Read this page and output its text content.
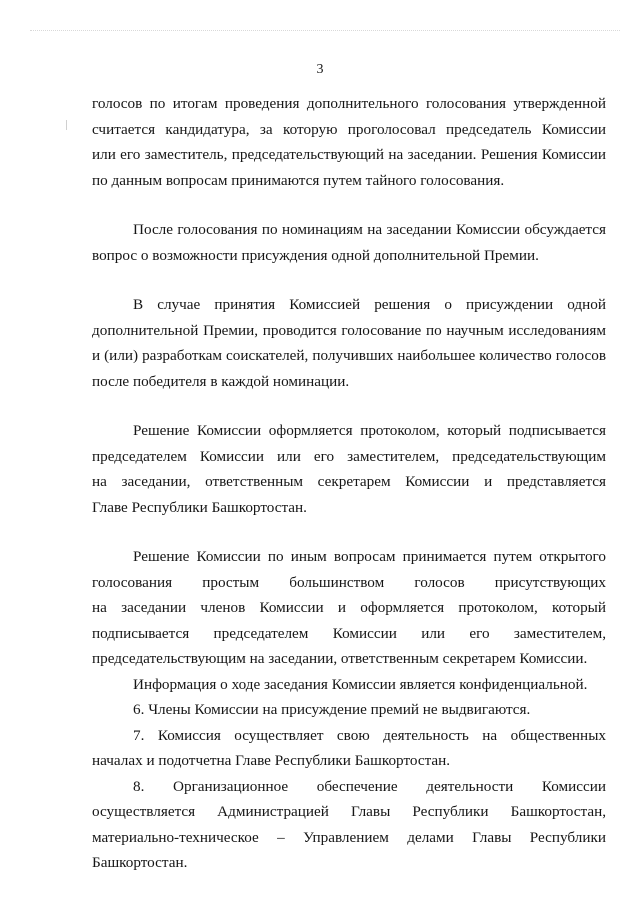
3
голосов по итогам проведения дополнительного голосования утвержденной
считается кандидатура, за которую проголосовал председатель Комиссии
или его заместитель, председательствующий на заседании. Решения Комиссии
по данным вопросам принимаются путем тайного голосования.
После голосования по номинациям на заседании Комиссии обсуждается
вопрос о возможности присуждения одной дополнительной Премии.
В случае принятия Комиссией решения о присуждении одной
дополнительной Премии, проводится голосование по научным исследованиям
и (или) разработкам соискателей, получивших наибольшее количество голосов
после победителя в каждой номинации.
Решение Комиссии оформляется протоколом, который подписывается
председателем Комиссии или его заместителем, председательствующим
на заседании, ответственным секретарем Комиссии и представляется
Главе Республики Башкортостан.
Решение Комиссии по иным вопросам принимается путем открытого
голосования простым большинством голосов присутствующих
на заседании членов Комиссии и оформляется протоколом, который
подписывается председателем Комиссии или его заместителем,
председательствующим на заседании, ответственным секретарем Комиссии.
Информация о ходе заседания Комиссии является конфиденциальной.
6. Члены Комиссии на присуждение премий не выдвигаются.
7. Комиссия осуществляет свою деятельность на общественных
началах и подотчетна Главе Республики Башкортостан.
8. Организационное обеспечение деятельности Комиссии
осуществляется Администрацией Главы Республики Башкортостан,
материально-техническое – Управлением делами Главы Республики
Башкортостан.
